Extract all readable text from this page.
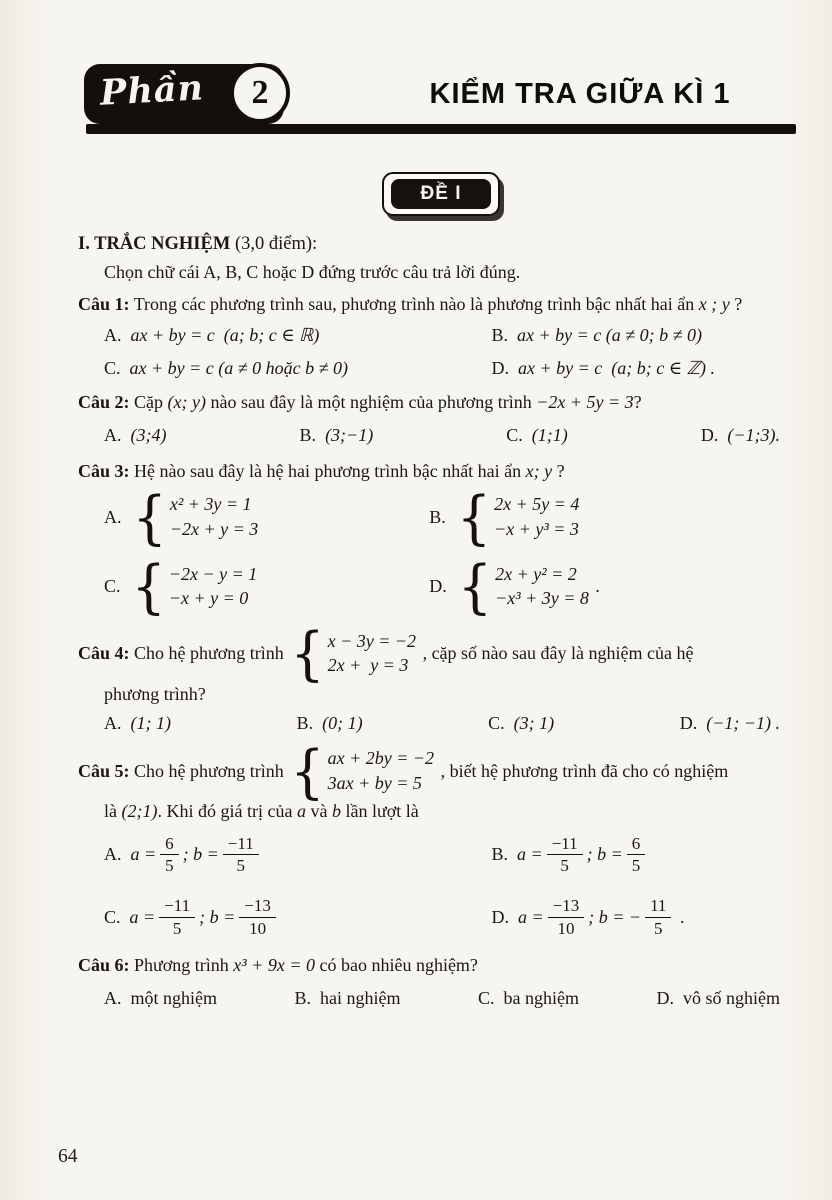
Phần 2	KIỂM TRA GIỮA KÌ 1
ĐỀ I
I. TRẮC NGHIỆM (3,0 điểm):
Chọn chữ cái A, B, C hoặc D đứng trước câu trả lời đúng.
Câu 1: Trong các phương trình sau, phương trình nào là phương trình bậc nhất hai ẩn x ; y ?
A. ax + by = c  (a; b; c ∈ ℝ)	B. ax + by = c (a ≠ 0; b ≠ 0)
C. ax + by = c (a ≠ 0 hoặc b ≠ 0)	D. ax + by = c  (a; b; c ∈ ℤ) .
Câu 2: Cặp (x; y) nào sau đây là một nghiệm của phương trình −2x + 5y = 3?
A. (3;4)	B. (3;−1)	C. (1;1)	D. (−1;3).
Câu 3: Hệ nào sau đây là hệ hai phương trình bậc nhất hai ẩn x; y ?
A. { x² + 3y = 1
−2x + y = 3
B. { 2x + 5y = 4
−x + y³ = 3
C. { −2x − y = 1
−x + y = 0
D. { 2x + y² = 2
−x³ + 3y = 8
.
Câu 4: Cho hệ phương trình { x − 3y = −2
2x +  y = 3
, cặp số nào sau đây là nghiệm của hệ
phương trình?
A. (1; 1)	B. (0; 1)	C. (3; 1)	D. (−1; −1) .
Câu 5: Cho hệ phương trình { ax + 2by = −2
3ax + by = 5
, biết hệ phương trình đã cho có nghiệm
là (2;1). Khi đó giá trị của a và b lần lượt là
A. $a = \frac{6}{5}$ ; $b = \frac{-11}{5}$	B. $a = \frac{-11}{5}$ ; $b = \frac{6}{5}$
C. $a = \frac{-11}{5}$ ; $b = \frac{-13}{10}$	D. $a = \frac{-13}{10}$ ; b = − $\frac{11}{5}$ .
Câu 6: Phương trình x³ + 9x = 0 có bao nhiêu nghiệm?
A. một nghiệm	B. hai nghiệm	C. ba nghiệm	D. vô số nghiệm
64
